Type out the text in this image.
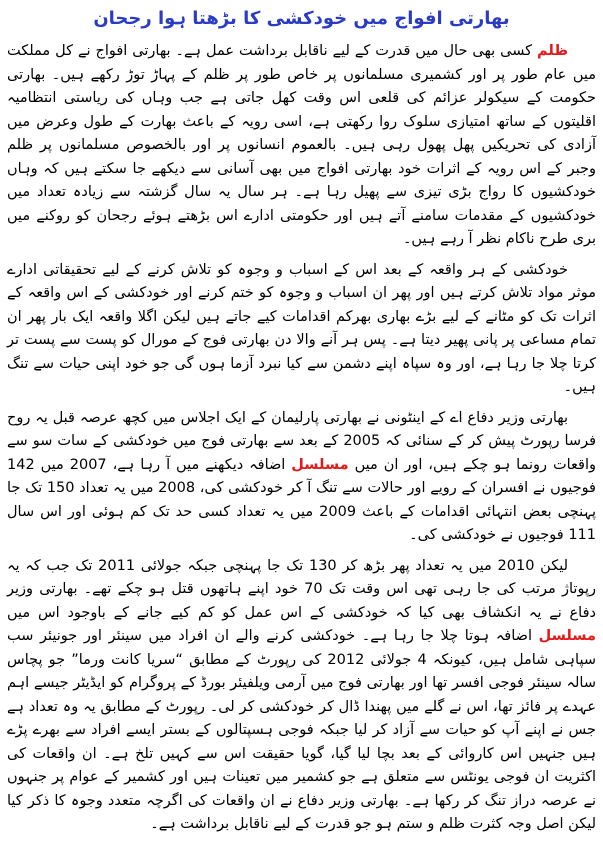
بھارتی افواج میں خودکشی کا بڑھتا ہوا رجحان

ظلم کسی بھی حال میں قدرت کے لیے ناقابل برداشت عمل ہے۔ بھارتی افواج نے کل مملکت میں عام طور پر اور کشمیری مسلمانوں پر خاص طور پر ظلم کے پہاڑ توڑ رکھے ہیں۔ بھارتی حکومت کے سیکولر عزائم کی قلعی اس وقت کھل جاتی ہے جب وہاں کی ریاستی انتظامیہ اقلیتوں کے ساتھ امتیازی سلوک روا رکھتی ہے، اسی رویہ کے باعث بھارت کے طول وعرض میں آزادی کی تحریکیں پھل پھول رہی ہیں۔ بالعموم انسانوں پر اور بالخصوص مسلمانوں پر ظلم وجبر کے اس رویہ کے اثرات خود بھارتی افواج میں بھی آسانی سے دیکھے جا سکتے ہیں کہ وہاں خودکشیوں کا رواج بڑی تیزی سے پھیل رہا ہے۔ ہر سال یہ سال گزشتہ سے زیادہ تعداد میں خودکشیوں کے مقدمات سامنے آتے ہیں اور حکومتی ادارے اس بڑھتے ہوئے رجحان کو روکنے میں بری طرح ناکام نظر آ رہے ہیں۔

خودکشی کے ہر واقعہ کے بعد اس کے اسباب و وجوہ کو تلاش کرنے کے لیے تحقیقاتی ادارے موثر مواد تلاش کرتے ہیں اور پھر ان اسباب و وجوہ کو ختم کرنے اور خودکشی کے اس واقعہ کے اثرات تک کو مٹانے کے لیے بڑے بھاری بھرکم اقدامات کیے جاتے ہیں لیکن اگلا واقعہ ایک بار پھر ان تمام مساعی پر پانی پھیر دیتا ہے۔ پس ہر آنے والا دن بھارتی فوج کے مورال کو پست سے پست تر کرتا چلا جا رہا ہے، اور وہ سپاہ اپنے دشمن سے کیا نبرد آزما ہوں گی جو خود اپنی حیات سے تنگ ہیں۔

بھارتی وزیر دفاع اے کے اینٹونی نے بھارتی پارلیمان کے ایک اجلاس میں کچھ عرصہ قبل یہ روح فرسا رپورٹ پیش کر کے سنائی کہ 2005 کے بعد سے بھارتی فوج میں خودکشی کے سات سو سے واقعات رونما ہو چکے ہیں، اور ان میں مسلسل اضافہ دیکھنے میں آ رہا ہے، 2007 میں 142 فوجیوں نے افسران کے رویے اور حالات سے تنگ آ کر خودکشی کی، 2008 میں یہ تعداد 150 تک جا پہنچی بعض انتہائی اقدامات کے باعث 2009 میں یہ تعداد کسی حد تک کم ہوئی اور اس سال 111 فوجیوں نے خودکشی کی۔

لیکن 2010 میں یہ تعداد پھر بڑھ کر 130 تک جا پہنچی جبکہ جولائی 2011 تک جب کہ یہ رپوتاژ مرتب کی جا رہی تھی اس وقت تک 70 خود اپنے ہاتھوں قتل ہو چکے تھے۔ بھارتی وزیر دفاع نے یہ انکشاف بھی کیا کہ خودکشی کے اس عمل کو کم کیے جانے کے باوجود اس میں مسلسل اضافہ ہوتا چلا جا رہا ہے۔ خودکشی کرنے والے ان افراد میں سینئر اور جونیئر سب سپاہی شامل ہیں، کیونکہ 4 جولائی 2012 کی رپورٹ کے مطابق “سریا کانت ورما” جو پچاس سالہ سینئر فوجی افسر تھا اور بھارتی فوج میں آرمی ویلفیئر بورڈ کے پروگرام کو ایڈیٹر جیسے اہم عہدے پر فائز تھا، اس نے گلے میں پھندا ڈال کر خودکشی کر لی۔ رپورٹ کے مطابق یہ وہ تعداد ہے جس نے اپنے آپ کو حیات سے آزاد کر لیا جبکہ فوجی ہسپتالوں کے بستر ایسے افراد سے بھرے پڑے ہیں جنہیں اس کاروائی کے بعد بچا لیا گیا، گویا حقیقت اس سے کہیں تلخ ہے۔ ان واقعات کی اکثریت ان فوجی یونٹس سے متعلق ہے جو کشمیر میں تعینات ہیں اور کشمیر کے عوام پر جنہوں نے عرصہ دراز تنگ کر رکھا ہے۔ بھارتی وزیر دفاع نے ان واقعات کی اگرچہ متعدد وجوہ کا ذکر کیا لیکن اصل وجہ کثرت ظلم و ستم ہو جو قدرت کے لیے ناقابل برداشت ہے۔
